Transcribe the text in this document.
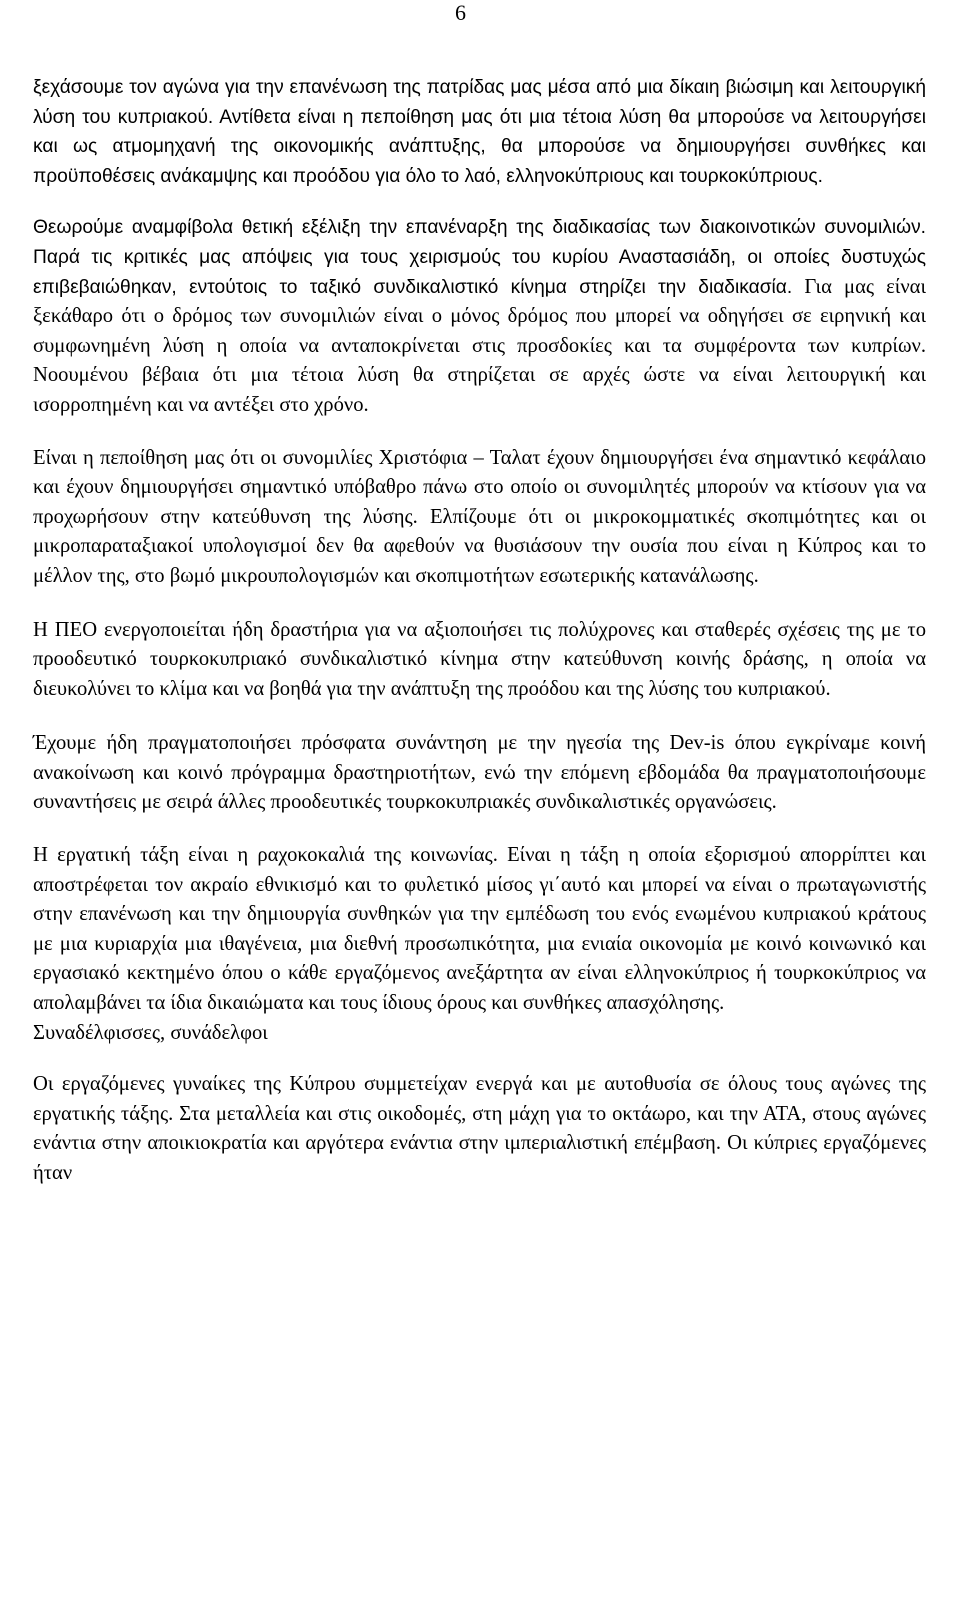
6

ξεχάσουμε τον αγώνα για την επανένωση της πατρίδας μας μέσα από μια δίκαιη βιώσιμη και λειτουργική λύση του κυπριακού. Αντίθετα είναι η πεποίθηση μας ότι μια τέτοια λύση θα μπορούσε να λειτουργήσει και ως ατμομηχανή της οικονομικής ανάπτυξης, θα μπορούσε να δημιουργήσει συνθήκες και προϋποθέσεις ανάκαμψης και προόδου για όλο το λαό, ελληνοκύπριους και τουρκοκύπριους.

Θεωρούμε αναμφίβολα θετική εξέλιξη την επανέναρξη της διαδικασίας των διακοινοτικών συνομιλιών. Παρά τις κριτικές μας απόψεις για τους χειρισμούς του κυρίου Αναστασιάδη, οι οποίες δυστυχώς επιβεβαιώθηκαν, εντούτοις το ταξικό συνδικαλιστικό κίνημα στηρίζει την διαδικασία. Για μας είναι ξεκάθαρο ότι ο δρόμος των συνομιλιών είναι ο μόνος δρόμος που μπορεί να οδηγήσει σε ειρηνική και συμφωνημένη λύση η οποία να ανταποκρίνεται στις προσδοκίες και τα συμφέροντα των κυπρίων. Νοουμένου βέβαια ότι μια τέτοια λύση θα στηρίζεται σε αρχές ώστε να είναι λειτουργική και ισορροπημένη και να αντέξει στο χρόνο.

Είναι η πεποίθηση μας ότι οι συνομιλίες Χριστόφια – Ταλατ έχουν δημιουργήσει ένα σημαντικό κεφάλαιο και έχουν δημιουργήσει σημαντικό υπόβαθρο πάνω στο οποίο οι συνομιλητές μπορούν να κτίσουν για να προχωρήσουν στην κατεύθυνση της λύσης. Ελπίζουμε ότι οι μικροκομματικές σκοπιμότητες και οι μικροπαραταξιακοί υπολογισμοί δεν θα αφεθούν να θυσιάσουν την ουσία που είναι η Κύπρος και το μέλλον της, στο βωμό μικρουπολογισμών και σκοπιμοτήτων εσωτερικής κατανάλωσης.

Η ΠΕΟ ενεργοποιείται ήδη δραστήρια για να αξιοποιήσει τις πολύχρονες και σταθερές σχέσεις της με το προοδευτικό τουρκοκυπριακό συνδικαλιστικό κίνημα στην κατεύθυνση κοινής δράσης, η οποία να διευκολύνει το κλίμα και να βοηθά για την ανάπτυξη της προόδου και της λύσης του κυπριακού.

Έχουμε ήδη πραγματοποιήσει πρόσφατα συνάντηση με την ηγεσία της Dev-is όπου εγκρίναμε κοινή ανακοίνωση και κοινό πρόγραμμα δραστηριοτήτων, ενώ την επόμενη εβδομάδα θα πραγματοποιήσουμε συναντήσεις με σειρά άλλες προοδευτικές τουρκοκυπριακές συνδικαλιστικές οργανώσεις.

Η εργατική τάξη είναι η ραχοκοκαλιά της κοινωνίας. Είναι η τάξη η οποία εξορισμού απορρίπτει και αποστρέφεται τον ακραίο εθνικισμό και το φυλετικό μίσος γι΄αυτό και μπορεί να είναι ο πρωταγωνιστής στην επανένωση και την δημιουργία συνθηκών για την εμπέδωση του ενός ενωμένου κυπριακού κράτους με μια κυριαρχία μια ιθαγένεια, μια διεθνή προσωπικότητα, μια ενιαία οικονομία με κοινό κοινωνικό και εργασιακό κεκτημένο όπου ο κάθε εργαζόμενος ανεξάρτητα αν είναι ελληνοκύπριος ή τουρκοκύπριος να απολαμβάνει τα ίδια δικαιώματα και τους ίδιους όρους και συνθήκες απασχόλησης.

Συναδέλφισσες, συνάδελφοι

Οι εργαζόμενες γυναίκες της Κύπρου συμμετείχαν ενεργά και με αυτοθυσία σε όλους τους αγώνες της εργατικής τάξης. Στα μεταλλεία και στις οικοδομές, στη μάχη για το οκτάωρο, και την ΑΤΑ, στους αγώνες ενάντια στην αποικιοκρατία και αργότερα ενάντια στην ιμπεριαλιστική επέμβαση. Οι κύπριες εργαζόμενες ήταν
